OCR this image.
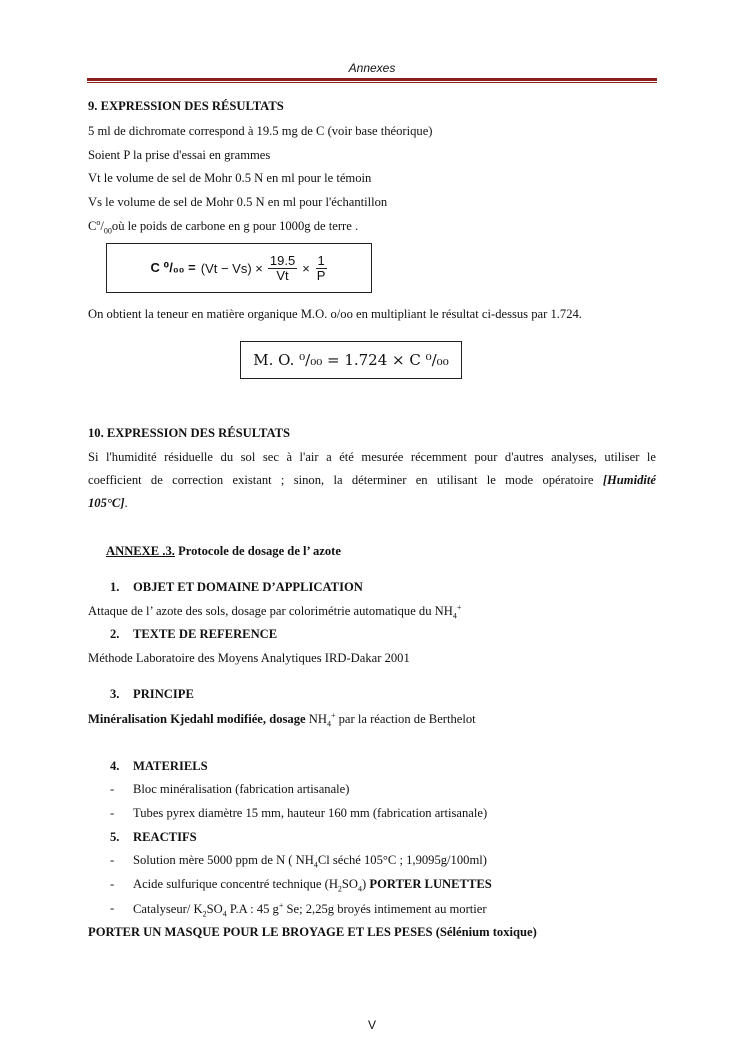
Annexes
9. EXPRESSION DES RÉSULTATS
5 ml de dichromate correspond à 19.5 mg de C (voir base théorique)
Soient P la prise d'essai en grammes
Vt le volume de sel de Mohr 0.5 N en ml pour le témoin
Vs le volume de sel de Mohr 0.5 N en ml pour l'échantillon
$C^o/_{00}où$ le poids de carbone en g pour 1000g de terre .
C $^0/_{00} = (Vt - Vs) \times \frac{19.5}{Vt} \times \frac{1}{P}$
On obtient la teneur en matière organique M.O. o/oo en multipliant le résultat ci-dessus par 1.724.
M. O. ⁰/₀₀ = 1.724 × C ⁰/₀₀
10. EXPRESSION DES RÉSULTATS
Si l'humidité résiduelle du sol sec à l'air a été mesurée récemment pour d'autres analyses, utiliser le
coefficient de correction existant ; sinon, la déterminer en utilisant le mode opératoire [Humidité
105°C].
ANNEXE .3. Protocole de dosage de l’ azote
1. OBJET ET DOMAINE D’APPLICATION
Attaque de l’ azote des sols, dosage par colorimétrie automatique du $NH_4^+$
2. TEXTE DE REFERENCE
Méthode Laboratoire des Moyens Analytiques IRD-Dakar 2001
3. PRINCIPE
Minéralisation Kjedahl modifiée, dosage $NH_4^+$ par la réaction de Berthelot
4. MATERIELS
- Bloc minéralisation (fabrication artisanale)
- Tubes pyrex diamètre 15 mm, hauteur 160 mm (fabrication artisanale)
5. REACTIFS
- Solution mère 5000 ppm de N ( $NH_4Cl$ séché 105°C ; 1,9095g/100ml)
- Acide sulfurique concentré technique $(H_2SO_4)$ PORTER LUNETTES
- Catalyseur/ $K_2SO_4$ P.A : 45 g+ Se; 2,25g broyés intimement au mortier
PORTER UN MASQUE POUR LE BROYAGE ET LES PESES (Sélénium toxique)
V
